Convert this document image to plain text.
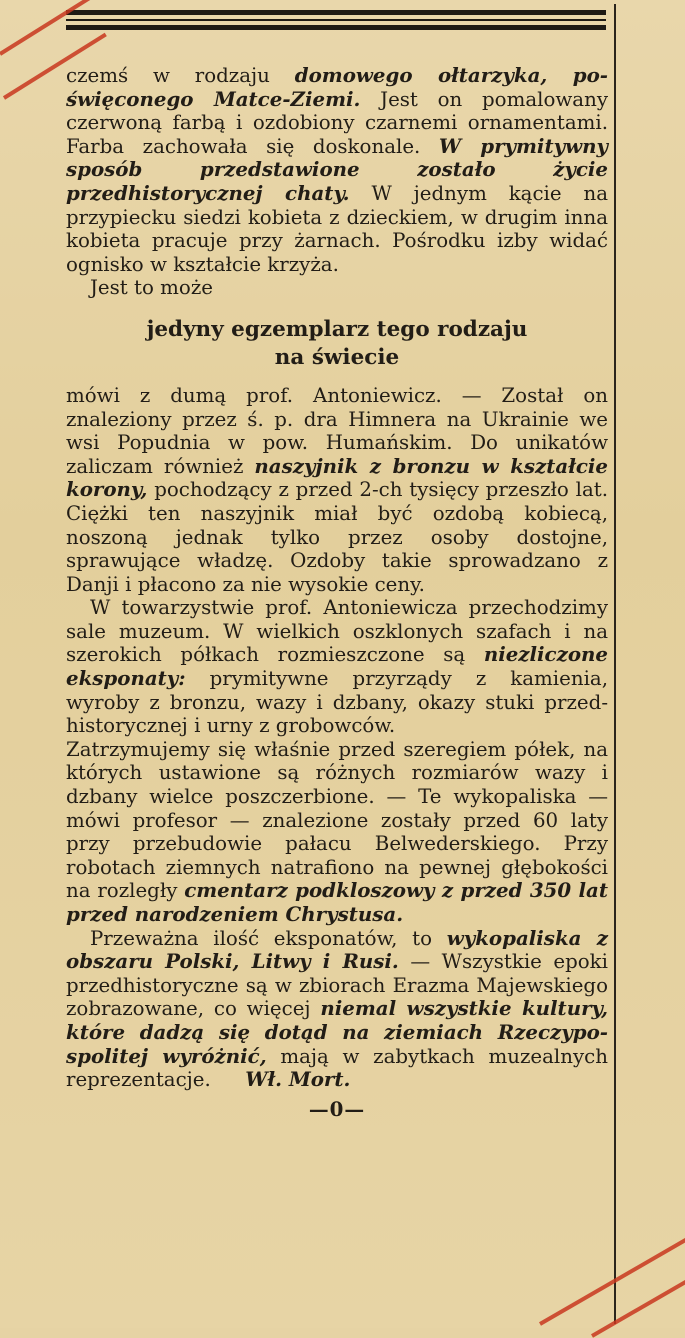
czemś w rodzaju domowego ołtarzyka, poświęconego Matce-Ziemi. Jest on pomalowany czerwoną farbą i ozdobiony czarnemi ornamentami. Farba zachowała się doskonale. W prymitywny sposób przedstawione zostało życie przedhistorycznej chaty. W jednym kącie na przypiecku siedzi kobieta z dzieckiem, w drugim inna kobieta pracuje przy żarnach. Pośrodku izby widać ognisko w kształcie krzyża.

Jest to może

jedyny egzemplarz tego rodzaju
na świecie

mówi z dumą prof. Antoniewicz. — Został on znaleziony przez ś. p. dra Himnera na Ukrainie we wsi Popudnia w pow. Humańskim. Do unikatów zaliczam również naszyjnik z bronzu w kształcie korony, pochodzący z przed 2-ch tysięcy przeszło lat. Ciężki ten naszyjnik miał być ozdobą kobiecą, noszoną jednak tylko przez osoby dostojne, sprawujące władzę. Ozdoby takie sprowadzano z Danji i płacono za nie wysokie ceny.

W towarzystwie prof. Antoniewicza przechodzimy sale muzeum. W wielkich oszklonych szafach i na szerokich półkach rozmieszczone są niezliczone eksponaty: prymitywne przyrządy z kamienia, wyroby z bronzu, wazy i dzbany, okazy stuki przedhistorycznej i urny z grobowców.

Zatrzymujemy się właśnie przed szeregiem półek, na których ustawione są różnych rozmiarów wazy i dzbany wielce poszczerbione. — Te wykopaliska — mówi profesor — znalezione zostały przed 60 laty przy przebudowie pałacu Belwederskiego. Przy robotach ziemnych natrafiono na pewnej głębokości na rozległy cmentarz podkloszowy z przed 350 lat przed narodzeniem Chrystusa.

Przeważna ilość eksponatów, to wykopaliska z obszaru Polski, Litwy i Rusi. — Wszystkie epoki przedhistoryczne są w zbiorach Erazma Majewskiego zobrazowane, co więcej niemal wszystkie kultury, które dadzą się dotąd na ziemiach Rzeczypospolitej wyróżnić, mają w zabytkach muzealnych reprezentacje.     Wł. Mort.

—0—
